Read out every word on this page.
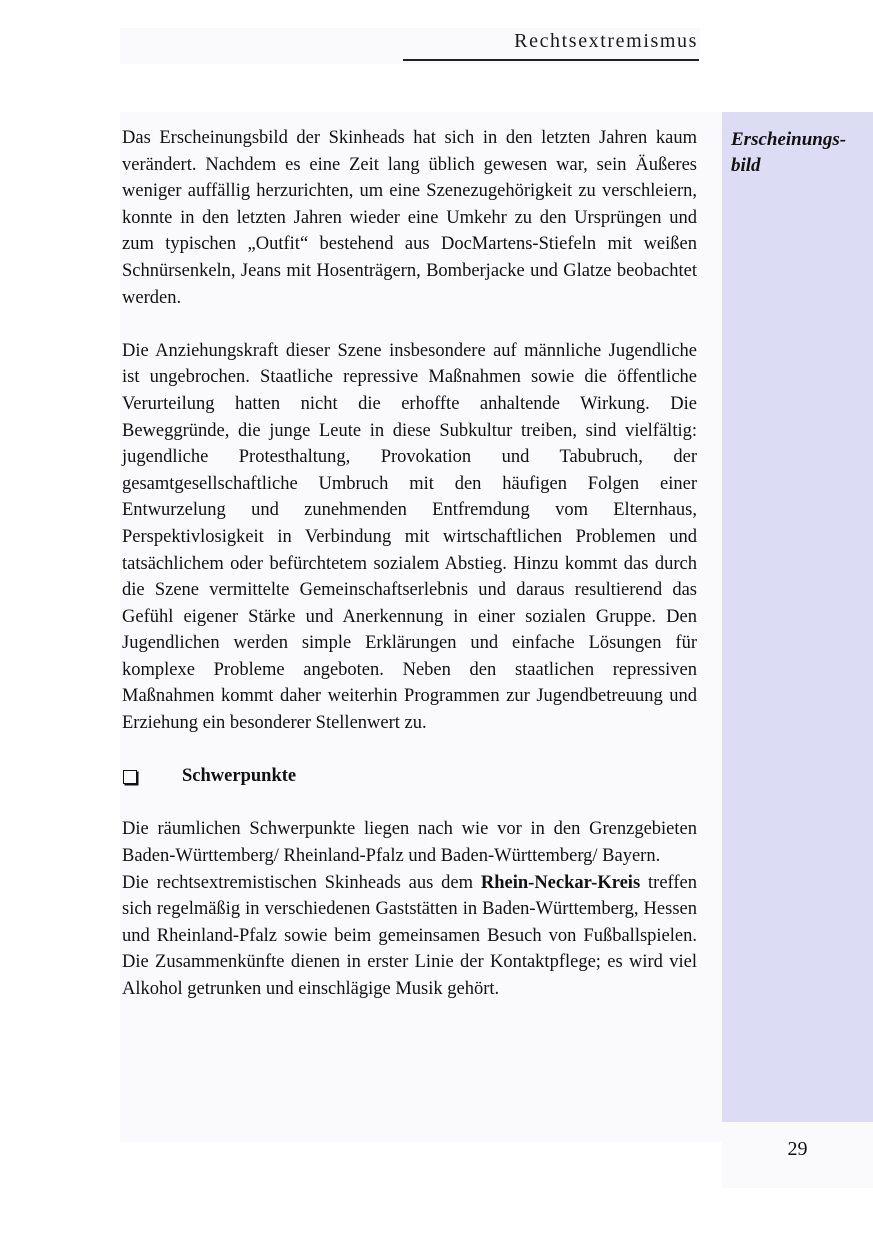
Rechtsextremismus
Erscheinungs-
bild

Das Erscheinungsbild der Skinheads hat sich in den letzten Jahren kaum verändert. Nachdem es eine Zeit lang üblich gewesen war, sein Äußeres weniger auffällig herzurichten, um eine Szenezugehörigkeit zu verschleiern, konnte in den letzten Jahren wieder eine Umkehr zu den Ursprüngen und zum typischen „Outfit“ bestehend aus DocMartens-Stiefeln mit weißen Schnürsenkeln, Jeans mit Hosenträgern, Bomberjacke und Glatze beobachtet werden.

Die Anziehungskraft dieser Szene insbesondere auf männliche Jugendliche ist ungebrochen. Staatliche repressive Maßnahmen sowie die öffentliche Verurteilung hatten nicht die erhoffte anhaltende Wirkung. Die Beweggründe, die junge Leute in diese Subkultur treiben, sind vielfältig: jugendliche Protesthaltung, Provokation und Tabubruch, der gesamtgesellschaftliche Umbruch mit den häufigen Folgen einer Entwurzelung und zunehmenden Entfremdung vom Elternhaus, Perspektivlosigkeit in Verbindung mit wirtschaftlichen Problemen und tatsächlichem oder befürchtetem sozialem Abstieg. Hinzu kommt das durch die Szene vermittelte Gemeinschaftserlebnis und daraus resultierend das Gefühl eigener Stärke und Anerkennung in einer sozialen Gruppe. Den Jugendlichen werden simple Erklärungen und einfache Lösungen für komplexe Probleme angeboten. Neben den staatlichen repressiven Maßnahmen kommt daher weiterhin Programmen zur Jugendbetreuung und Erziehung ein besonderer Stellenwert zu.

Schwerpunkte

Die räumlichen Schwerpunkte liegen nach wie vor in den Grenzgebieten Baden-Württemberg/ Rheinland-Pfalz und Baden-Württemberg/ Bayern.

Die rechtsextremistischen Skinheads aus dem Rhein-Neckar-Kreis treffen sich regelmäßig in verschiedenen Gaststätten in Baden-Württemberg, Hessen und Rheinland-Pfalz sowie beim gemeinsamen Besuch von Fußballspielen. Die Zusammenkünfte dienen in erster Linie der Kontaktpflege; es wird viel Alkohol getrunken und einschlägige Musik gehört.

29
